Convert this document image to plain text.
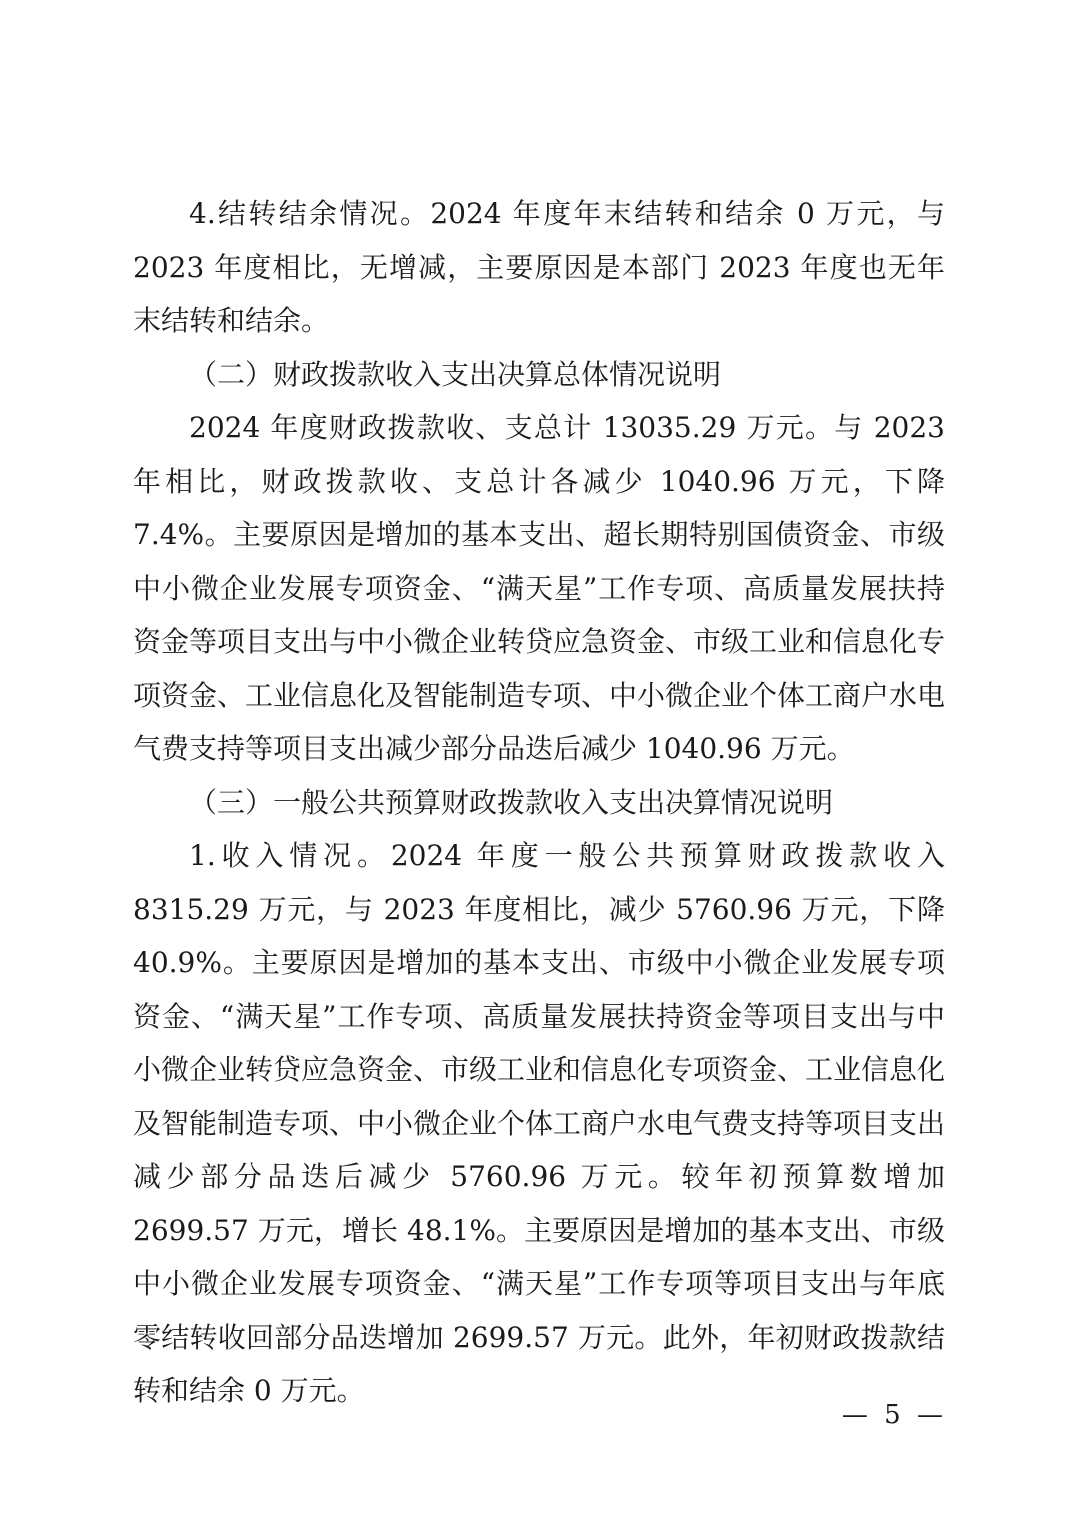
4.结转结余情况。2024 年度年末结转和结余 0 万元，与 2023 年度相比，无增减，主要原因是本部门 2023 年度也无年末结转和结余。

（二）财政拨款收入支出决算总体情况说明

2024 年度财政拨款收、支总计 13035.29 万元。与 2023 年相比，财政拨款收、支总计各减少 1040.96 万元，下降 7.4%。主要原因是增加的基本支出、超长期特别国债资金、市级中小微企业发展专项资金、“满天星”工作专项、高质量发展扶持资金等项目支出与中小微企业转贷应急资金、市级工业和信息化专项资金、工业信息化及智能制造专项、中小微企业个体工商户水电气费支持等项目支出减少部分品迭后减少 1040.96 万元。

（三）一般公共预算财政拨款收入支出决算情况说明

1.收入情况。2024 年度一般公共预算财政拨款收入 8315.29 万元，与 2023 年度相比，减少 5760.96 万元，下降 40.9%。主要原因是增加的基本支出、市级中小微企业发展专项资金、“满天星”工作专项、高质量发展扶持资金等项目支出与中小微企业转贷应急资金、市级工业和信息化专项资金、工业信息化及智能制造专项、中小微企业个体工商户水电气费支持等项目支出减少部分品迭后减少 5760.96 万元。较年初预算数增加 2699.57 万元，增长 48.1%。主要原因是增加的基本支出、市级中小微企业发展专项资金、“满天星”工作专项等项目支出与年底零结转收回部分品迭增加 2699.57 万元。此外，年初财政拨款结转和结余 0 万元。

— 5 —
